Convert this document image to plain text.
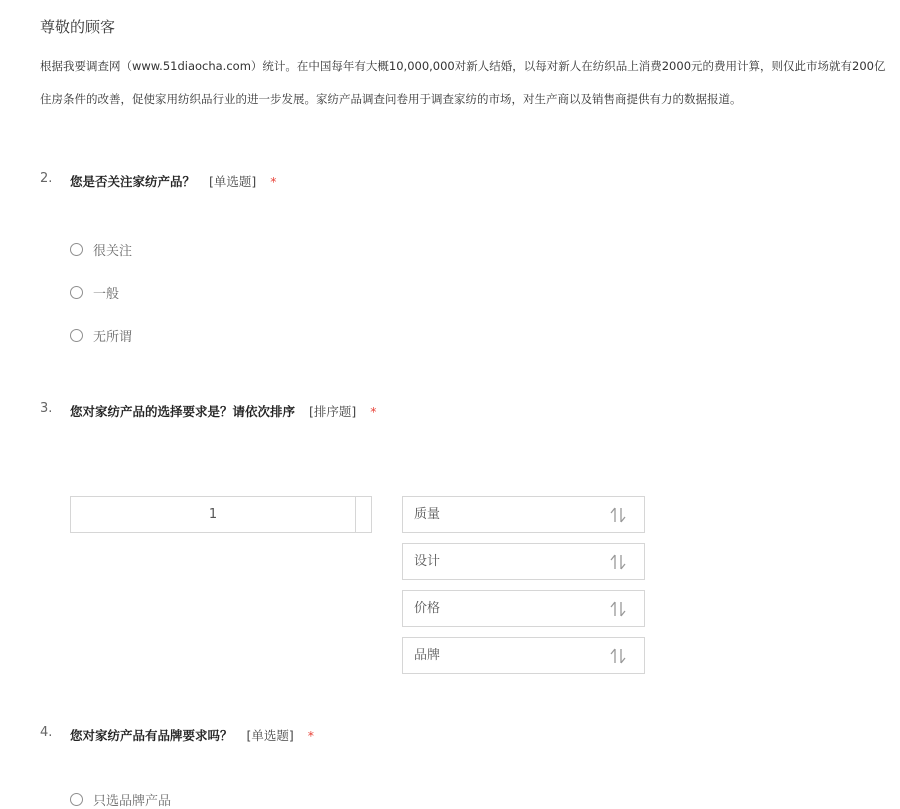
尊敬的顾客
根据我要调查网（www.51diaocha.com）统计。在中国每年有大概10,000,000对新人结婚，以每对新人在纺织品上消费2000元的费用计算，则仅此市场就有200亿
住房条件的改善，促使家用纺织品行业的进一步发展。家纺产品调查问卷用于调查家纺的市场，对生产商以及销售商提供有力的数据报道。
2. 您是否关注家纺产品？ [单选题] *
很关注
一般
无所谓
3. 您对家纺产品的选择要求是？请依次排序 [排序题] *
1	质量
设计
价格
品牌
4. 您对家纺产品有品牌要求吗？ [单选题] *
只选品牌产品
